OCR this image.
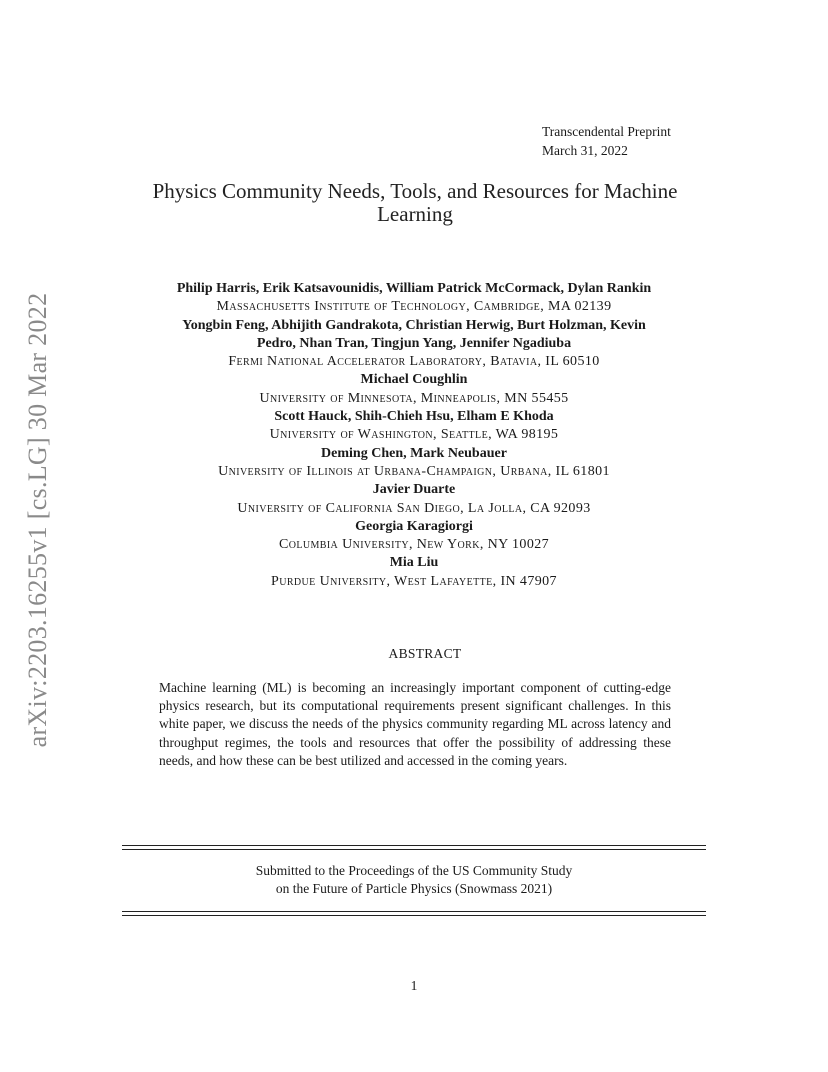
arXiv:2203.16255v1 [cs.LG] 30 Mar 2022
Transcendental Preprint
March 31, 2022
Physics Community Needs, Tools, and Resources for Machine
Learning
Philip Harris, Erik Katsavounidis, William Patrick McCormack, Dylan Rankin
Massachusetts Institute of Technology, Cambridge, MA 02139
Yongbin Feng, Abhijith Gandrakota, Christian Herwig, Burt Holzman, Kevin
Pedro, Nhan Tran, Tingjun Yang, Jennifer Ngadiuba
Fermi National Accelerator Laboratory, Batavia, IL 60510
Michael Coughlin
University of Minnesota, Minneapolis, MN 55455
Scott Hauck, Shih-Chieh Hsu, Elham E Khoda
University of Washington, Seattle, WA 98195
Deming Chen, Mark Neubauer
University of Illinois at Urbana-Champaign, Urbana, IL 61801
Javier Duarte
University of California San Diego, La Jolla, CA 92093
Georgia Karagiorgi
Columbia University, New York, NY 10027
Mia Liu
Purdue University, West Lafayette, IN 47907
ABSTRACT
Machine learning (ML) is becoming an increasingly important component of cutting-edge physics research, but its computational requirements present significant challenges. In this white paper, we discuss the needs of the physics community regarding ML across latency and throughput regimes, the tools and resources that offer the possibility of addressing these needs, and how these can be best utilized and accessed in the coming years.
Submitted to the Proceedings of the US Community Study
on the Future of Particle Physics (Snowmass 2021)
1
